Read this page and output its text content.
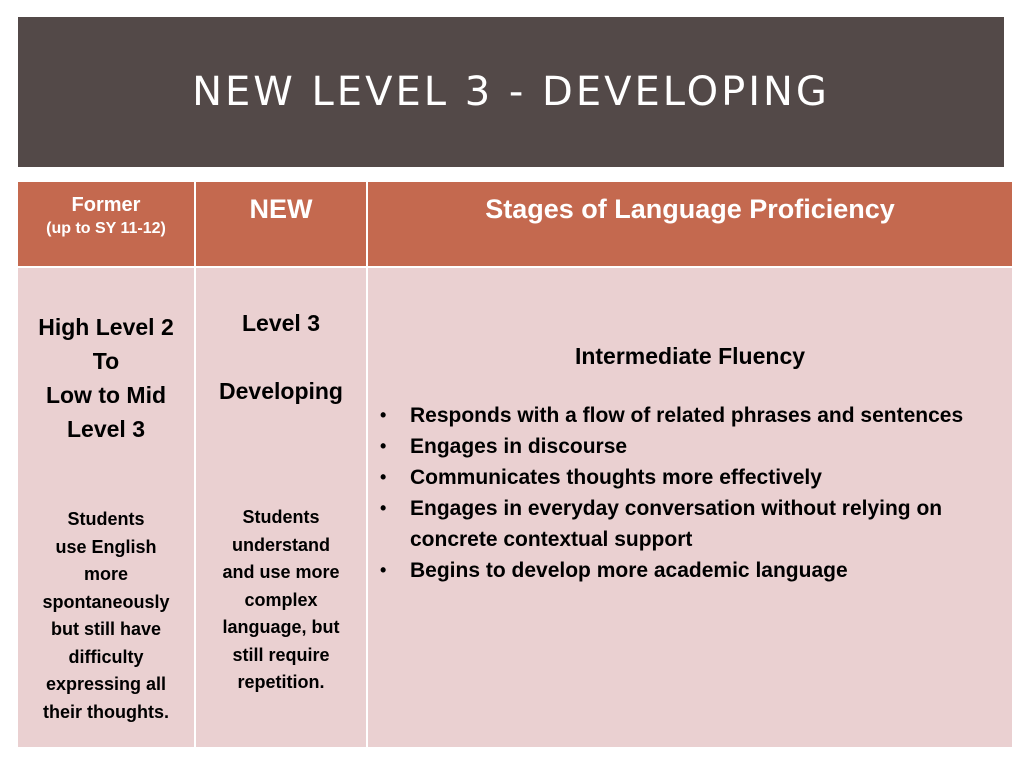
NEW LEVEL 3 - DEVELOPING
Former
(up to SY 11-12)
NEW	Stages of Language Proficiency
High Level 2
To
Low to Mid
Level 3
Students
use English
more
spontaneously
but still have
difficulty
expressing all
their thoughts.
Level 3
Developing
Students
understand
and use more
complex
language, but
still require
repetition.
Intermediate Fluency
• Responds with a flow of related phrases and sentences
• Engages in discourse
• Communicates thoughts more effectively
• Engages in everyday conversation without relying on concrete contextual support
• Begins to develop more academic language
